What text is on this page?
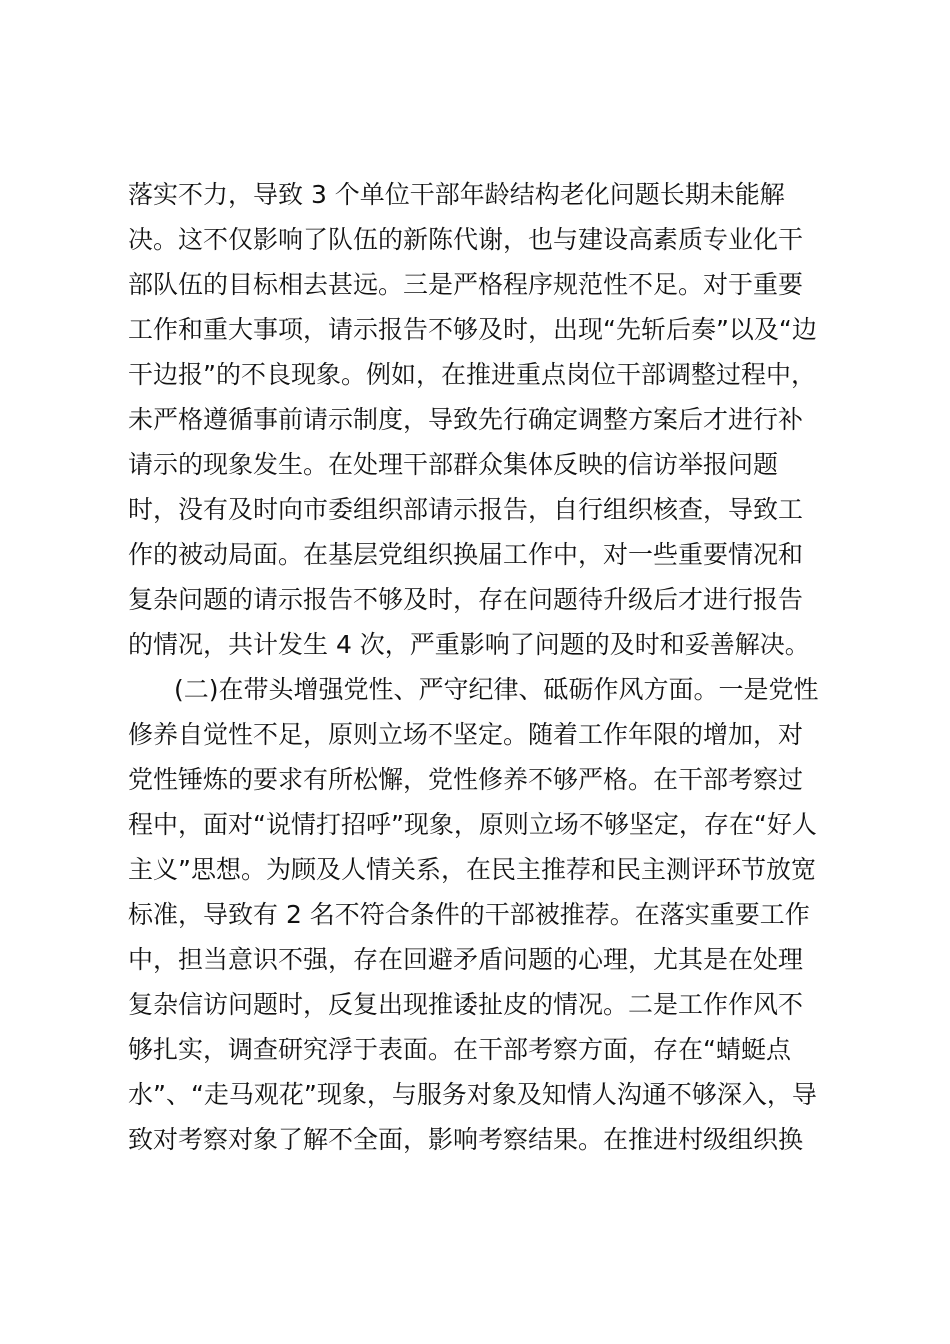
落实不力，导致 3 个单位干部年龄结构老化问题长期未能解
决。这不仅影响了队伍的新陈代谢，也与建设高素质专业化干
部队伍的目标相去甚远。三是严格程序规范性不足。对于重要
工作和重大事项，请示报告不够及时，出现“先斩后奏”以及“边
干边报”的不良现象。例如，在推进重点岗位干部调整过程中，
未严格遵循事前请示制度，导致先行确定调整方案后才进行补
请示的现象发生。在处理干部群众集体反映的信访举报问题
时，没有及时向市委组织部请示报告，自行组织核查，导致工
作的被动局面。在基层党组织换届工作中，对一些重要情况和
复杂问题的请示报告不够及时，存在问题待升级后才进行报告
的情况，共计发生 4 次，严重影响了问题的及时和妥善解决。
(二)在带头增强党性、严守纪律、砥砺作风方面。一是党性
修养自觉性不足，原则立场不坚定。随着工作年限的增加，对
党性锤炼的要求有所松懈，党性修养不够严格。在干部考察过
程中，面对“说情打招呼”现象，原则立场不够坚定，存在“好人
主义”思想。为顾及人情关系，在民主推荐和民主测评环节放宽
标准，导致有 2 名不符合条件的干部被推荐。在落实重要工作
中，担当意识不强，存在回避矛盾问题的心理，尤其是在处理
复杂信访问题时，反复出现推诿扯皮的情况。二是工作作风不
够扎实，调查研究浮于表面。在干部考察方面，存在“蜻蜓点
水”、“走马观花”现象，与服务对象及知情人沟通不够深入，导
致对考察对象了解不全面，影响考察结果。在推进村级组织换
